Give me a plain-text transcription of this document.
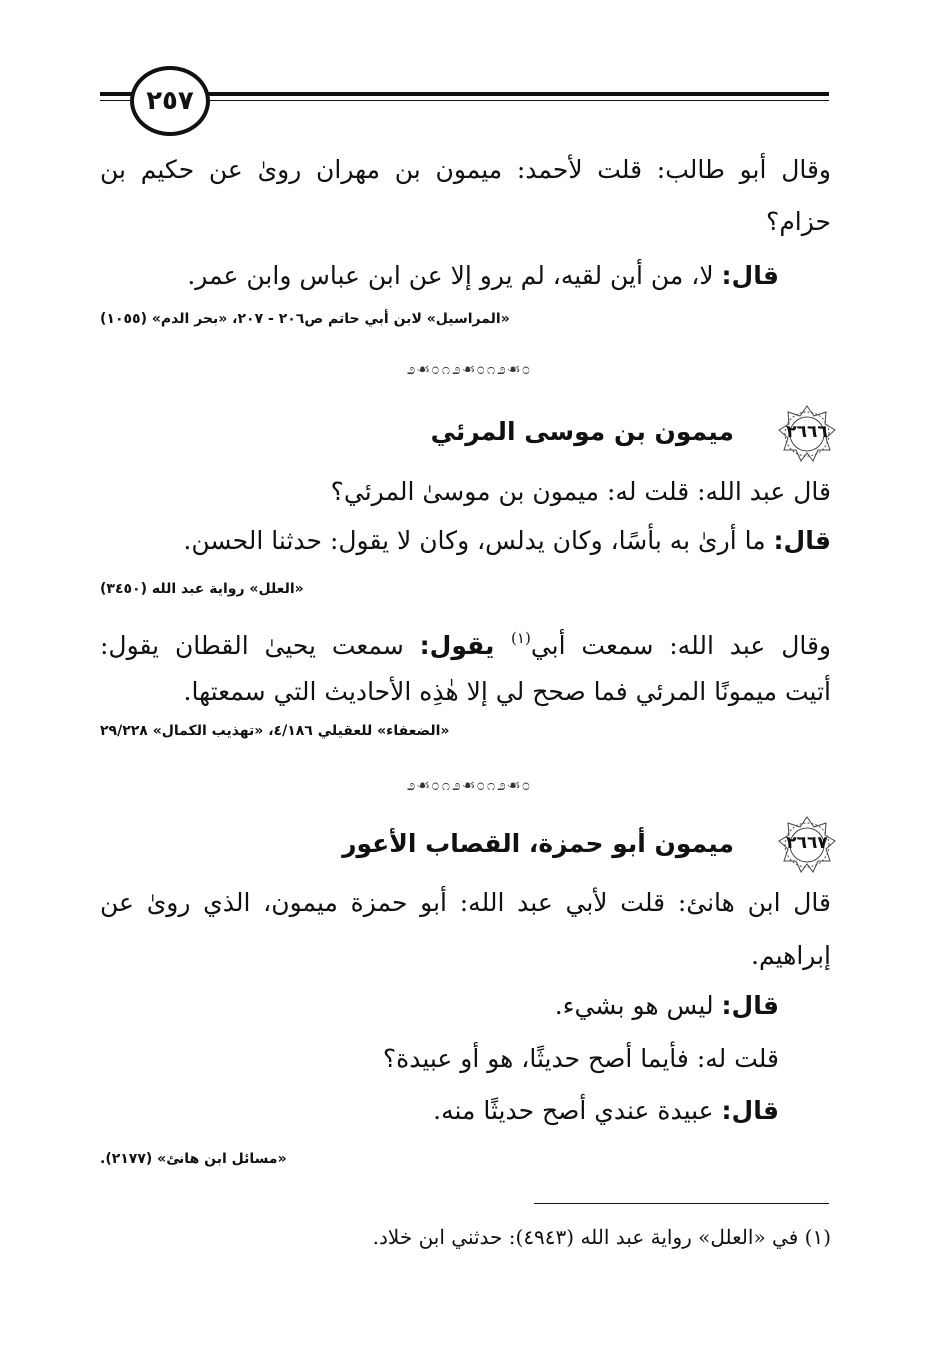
٢٥٧
وقال أبو طالب: قلت لأحمد: ميمون بن مهران روىٰ عن حكيم بن
حزام؟
قال: لا، من أين لقيه، لم يرو إلا عن ابن عباس وابن عمر.
«المراسيل» لابن أبي حاتم ص٢٠٦ - ٢٠٧، «بحر الدم» (١٠٥٥)
೨☙೦೧೨☙೦೧೨☙೦
٢٦٦٦
ميمون بن موسى المرئي
قال عبد الله: قلت له: ميمون بن موسىٰ المرئي؟
قال: ما أرىٰ به بأسًا، وكان يدلس، وكان لا يقول: حدثنا الحسن.
«العلل» رواية عبد الله (٣٤٥٠)
وقال عبد الله: سمعت أبي$^{(١)}$ يقول: سمعت يحيىٰ القطان يقول:
أتيت ميمونًا المرئي فما صحح لي إلا هٰذِه الأحاديث التي سمعتها.
«الضعفاء» للعقيلي ٤/١٨٦، «تهذيب الكمال» ٢٩/٢٢٨
೨☙೦೧೨☙೦೧೨☙೦
٢٦٦٧
ميمون أبو حمزة، القصاب الأعور
قال ابن هانئ: قلت لأبي عبد الله: أبو حمزة ميمون، الذي روىٰ عن
إبراهيم.
قال: ليس هو بشيء.
قلت له: فأيما أصح حديثًا، هو أو عبيدة؟
قال: عبيدة عندي أصح حديثًا منه.
«مسائل ابن هانئ» (٢١٧٧).
(١) في «العلل» رواية عبد الله (٤٩٤٣): حدثني ابن خلاد.
